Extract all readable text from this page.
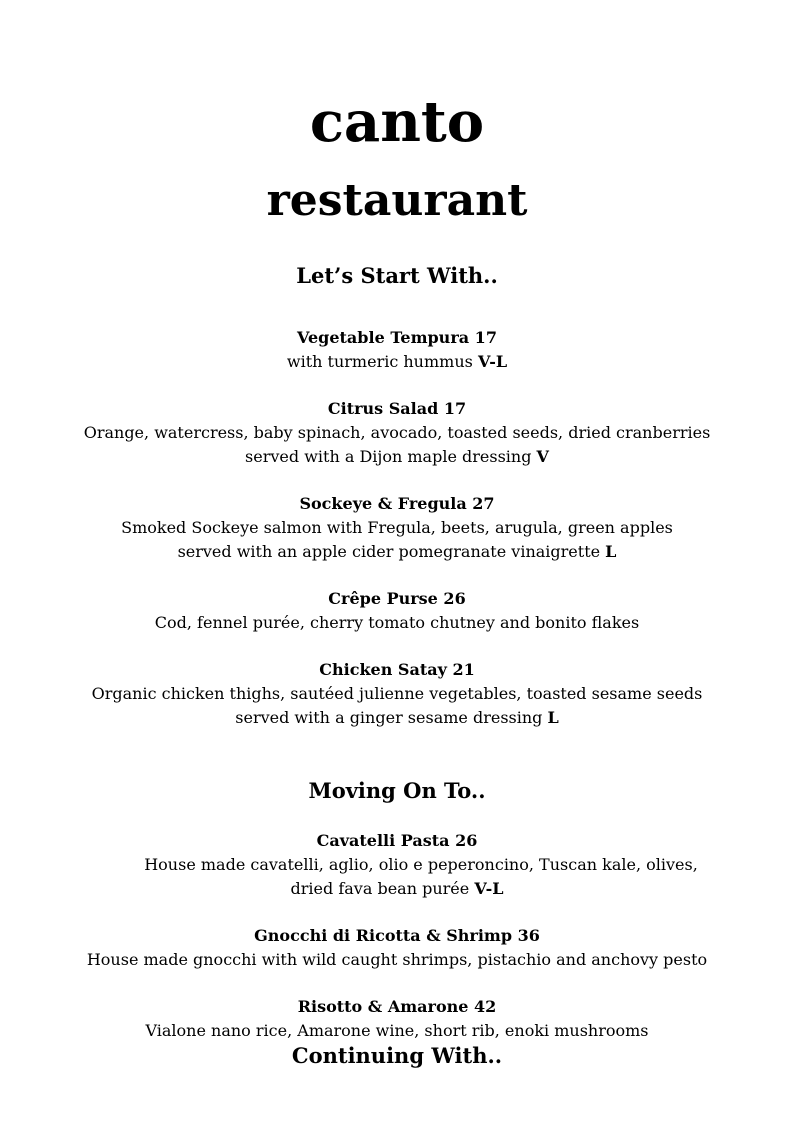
canto
restaurant
Let’s Start With..
Vegetable Tempura 17
with turmeric hummus V-L
Citrus Salad 17
Orange, watercress, baby spinach, avocado, toasted seeds, dried cranberries
served with a Dijon maple dressing V
Sockeye & Fregula 27
Smoked Sockeye salmon with Fregula, beets, arugula, green apples
served with an apple cider pomegranate vinaigrette L
Crêpe Purse 26
Cod, fennel purée, cherry tomato chutney and bonito flakes
Chicken Satay 21
Organic chicken thighs, sautéed julienne vegetables, toasted sesame seeds
served with a ginger sesame dressing L
Moving On To..
Cavatelli Pasta 26
House made cavatelli, aglio, olio e peperoncino, Tuscan kale, olives,
dried fava bean purée V-L
Gnocchi di Ricotta & Shrimp 36
House made gnocchi with wild caught shrimps, pistachio and anchovy pesto
Risotto & Amarone 42
Vialone nano rice, Amarone wine, short rib, enoki mushrooms
Continuing With..
